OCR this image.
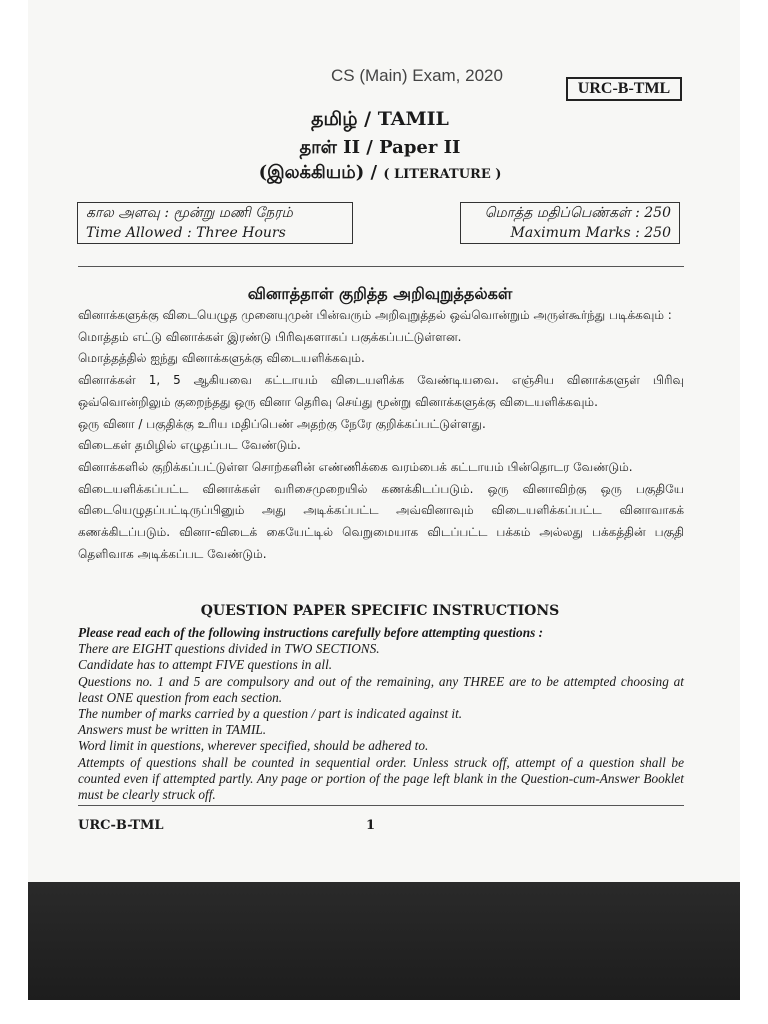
CS (Main) Exam, 2020
URC-B-TML
தமிழ் / TAMIL
தாள் II / Paper II
(இலக்கியம்) / ( LITERATURE )
கால அளவு : மூன்று மணி நேரம்
Time Allowed : Three Hours
மொத்த மதிப்பெண்கள் : 250
Maximum Marks : 250
வினாத்தாள் குறித்த அறிவுறுத்தல்கள்

வினாக்களுக்கு விடையெழுத முனையுமுன் பின்வரும் அறிவுறுத்தல் ஒவ்வொன்றும் அருள்கூர்ந்து படிக்கவும் :

மொத்தம் எட்டு வினாக்கள் இரண்டு பிரிவுகளாகப் பகுக்கப்பட்டுள்ளன.

மொத்தத்தில் ஐந்து வினாக்களுக்கு விடையளிக்கவும்.

வினாக்கள் 1, 5 ஆகியவை கட்டாயம் விடையளிக்க வேண்டியவை. எஞ்சிய வினாக்களுள் பிரிவு ஒவ்வொன்றிலும் குறைந்தது ஒரு வினா தெரிவு செய்து மூன்று வினாக்களுக்கு விடையளிக்கவும்.

ஒரு வினா / பகுதிக்கு உரிய மதிப்பெண் அதற்கு நேரே குறிக்கப்பட்டுள்ளது.

விடைகள் தமிழில் எழுதப்பட வேண்டும்.

வினாக்களில் குறிக்கப்பட்டுள்ள சொற்களின் எண்ணிக்கை வரம்பைக் கட்டாயம் பின்தொடர வேண்டும்.

விடையளிக்கப்பட்ட வினாக்கள் வரிசைமுறையில் கணக்கிடப்படும். ஒரு வினாவிற்கு ஒரு பகுதியே விடையெழுதப்பட்டிருப்பினும் அது அடிக்கப்பட்ட அவ்வினாவும் விடையளிக்கப்பட்ட வினாவாகக் கணக்கிடப்படும். வினா-விடைக் கையேட்டில் வெறுமையாக விடப்பட்ட பக்கம் அல்லது பக்கத்தின் பகுதி தெளிவாக அடிக்கப்பட வேண்டும்.

QUESTION PAPER SPECIFIC INSTRUCTIONS

Please read each of the following instructions carefully before attempting questions :

There are EIGHT questions divided in TWO SECTIONS.

Candidate has to attempt FIVE questions in all.

Questions no. 1 and 5 are compulsory and out of the remaining, any THREE are to be attempted choosing at least ONE question from each section.

The number of marks carried by a question / part is indicated against it.

Answers must be written in TAMIL.

Word limit in questions, wherever specified, should be adhered to.

Attempts of questions shall be counted in sequential order. Unless struck off, attempt of a question shall be counted even if attempted partly. Any page or portion of the page left blank in the Question-cum-Answer Booklet must be clearly struck off.

URC-B-TML	1
